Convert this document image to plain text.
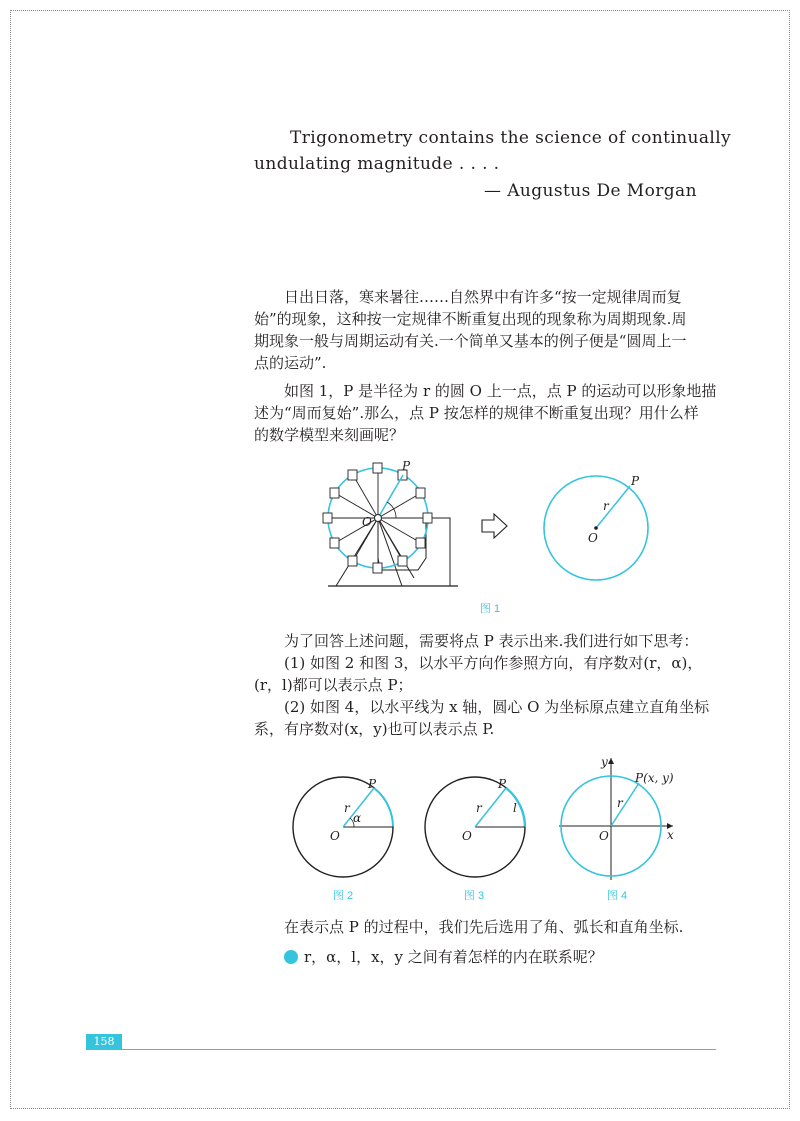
Trigonometry contains the science of continually
undulating magnitude . . . .
— Augustus De Morgan
日出日落，寒来暑往……自然界中有许多“按一定规律周而复
始”的现象，这种按一定规律不断重复出现的现象称为周期现象.周
期现象一般与周期运动有关.一个简单又基本的例子便是“圆周上一
点的运动”.
如图 1，P 是半径为 r 的圆 O 上一点，点 P 的运动可以形象地描
述为“周而复始”.那么，点 P 按怎样的规律不断重复出现？用什么样
的数学模型来刻画呢？
P
O
P
r
O
图 1
为了回答上述问题，需要将点 P 表示出来.我们进行如下思考：
(1) 如图 2 和图 3，以水平方向作参照方向，有序数对(r，α)，
(r，l)都可以表示点 P；
(2) 如图 4，以水平线为 x 轴，圆心 O 为坐标原点建立直角坐标
系，有序数对(x，y)也可以表示点 P.
P
r
α
O
图 2
P
r	l
O
图 3
P(x, y)
r
O	x
y
图 4
在表示点 P 的过程中，我们先后选用了角、弧长和直角坐标.
r，α，l，x，y 之间有着怎样的内在联系呢？
158
